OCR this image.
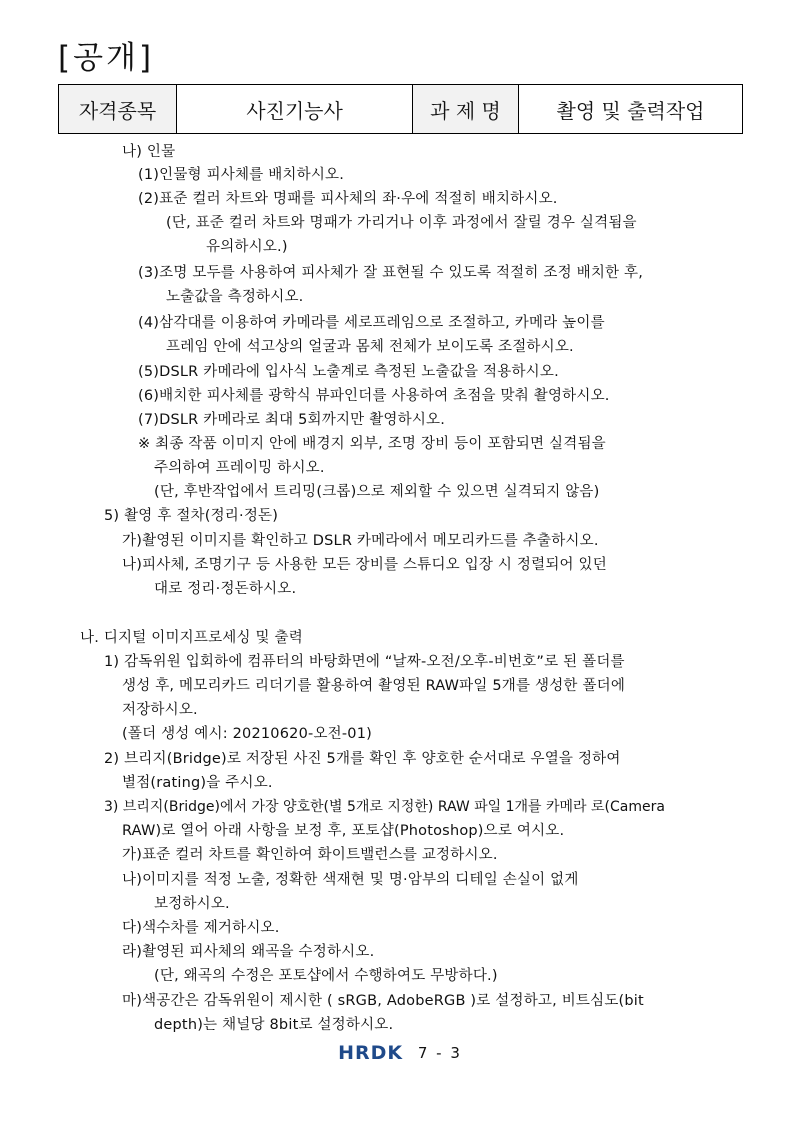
[공개]
자격종목	사진기능사	과 제 명	촬영 및 출력작업
나) 인물
(1)인물형 피사체를 배치하시오.
(2)표준 컬러 차트와 명패를 피사체의 좌·우에 적절히 배치하시오.
(단, 표준 컬러 차트와 명패가 가리거나 이후 과정에서 잘릴 경우 실격됨을
유의하시오.)
(3)조명 모두를 사용하여 피사체가 잘 표현될 수 있도록 적절히 조정 배치한 후,
노출값을 측정하시오.
(4)삼각대를 이용하여 카메라를 세로프레임으로 조절하고, 카메라 높이를
프레임 안에 석고상의 얼굴과 몸체 전체가 보이도록 조절하시오.
(5)DSLR 카메라에 입사식 노출계로 측정된 노출값을 적용하시오.
(6)배치한 피사체를 광학식 뷰파인더를 사용하여 초점을 맞춰 촬영하시오.
(7)DSLR 카메라로 최대 5회까지만 촬영하시오.
※ 최종 작품 이미지 안에 배경지 외부, 조명 장비 등이 포함되면 실격됨을
주의하여 프레이밍 하시오.
(단, 후반작업에서 트리밍(크롭)으로 제외할 수 있으면 실격되지 않음)
5) 촬영 후 절차(정리·정돈)
가)촬영된 이미지를 확인하고 DSLR 카메라에서 메모리카드를 추출하시오.
나)피사체, 조명기구 등 사용한 모든 장비를 스튜디오 입장 시 정렬되어 있던
대로 정리·정돈하시오.
나. 디지털 이미지프로세싱 및 출력
1) 감독위원 입회하에 컴퓨터의 바탕화면에 “날짜-오전/오후-비번호”로 된 폴더를
생성 후, 메모리카드 리더기를 활용하여 촬영된 RAW파일 5개를 생성한 폴더에
저장하시오.
(폴더 생성 예시: 20210620-오전-01)
2) 브리지(Bridge)로 저장된 사진 5개를 확인 후 양호한 순서대로 우열을 정하여
별점(rating)을 주시오.
3) 브리지(Bridge)에서 가장 양호한(별 5개로 지정한) RAW 파일 1개를 카메라 로(Camera
RAW)로 열어 아래 사항을 보정 후, 포토샵(Photoshop)으로 여시오.
가)표준 컬러 차트를 확인하여 화이트밸런스를 교정하시오.
나)이미지를 적정 노출, 정확한 색재현 및 명·암부의 디테일 손실이 없게
보정하시오.
다)색수차를 제거하시오.
라)촬영된 피사체의 왜곡을 수정하시오.
(단, 왜곡의 수정은 포토샵에서 수행하여도 무방하다.)
마)색공간은 감독위원이 제시한 ( sRGB, AdobeRGB )로 설정하고, 비트심도(bit
depth)는 채널당 8bit로 설정하시오.
HRDK 7 - 3
